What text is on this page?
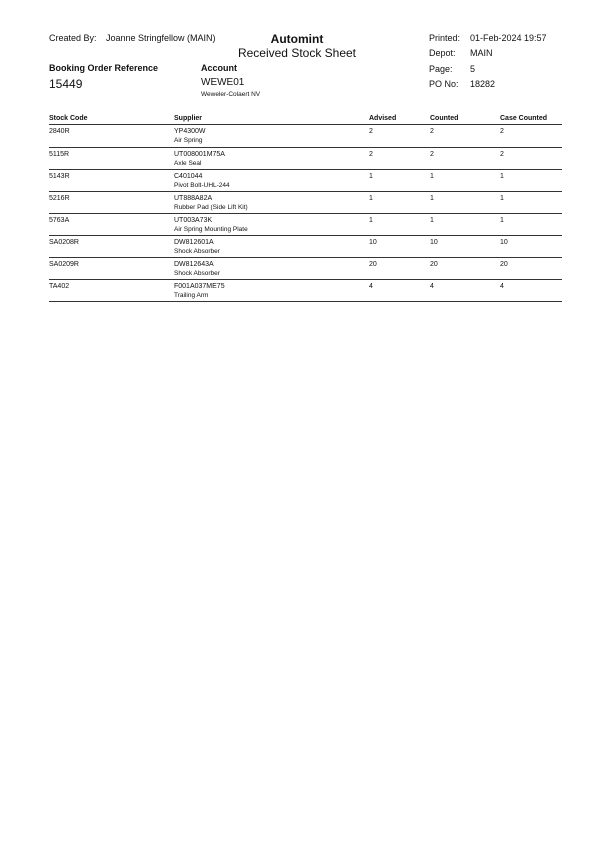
Created By: Joanne Stringfellow (MAIN)	Automint
Received Stock Sheet
Printed: 01-Feb-2024 19:57
Depot: MAIN
Page: 5
PO No: 18282
Booking Order Reference
15449
Account
WEWE01
Weweler-Colaert NV
Stock Code	Supplier	Advised	Counted	Case Counted
2840R	YP4300W
Air Spring
2	2	2
5115R	UT008001M75A
Axle Seal
2	2	2
5143R	C401044
Pivot Bolt-UHL-244
1	1	1
5216R	UT888A82A
Rubber Pad (Side Lift Kit)
1	1	1
5763A	UT003A73K
Air Spring Mounting Plate
1	1	1
SA0208R	DW812601A
Shock Absorber
10	10	10
SA0209R	DW812643A
Shock Absorber
20	20	20
TA402	F001A037ME75
Trailing Arm
4	4	4
